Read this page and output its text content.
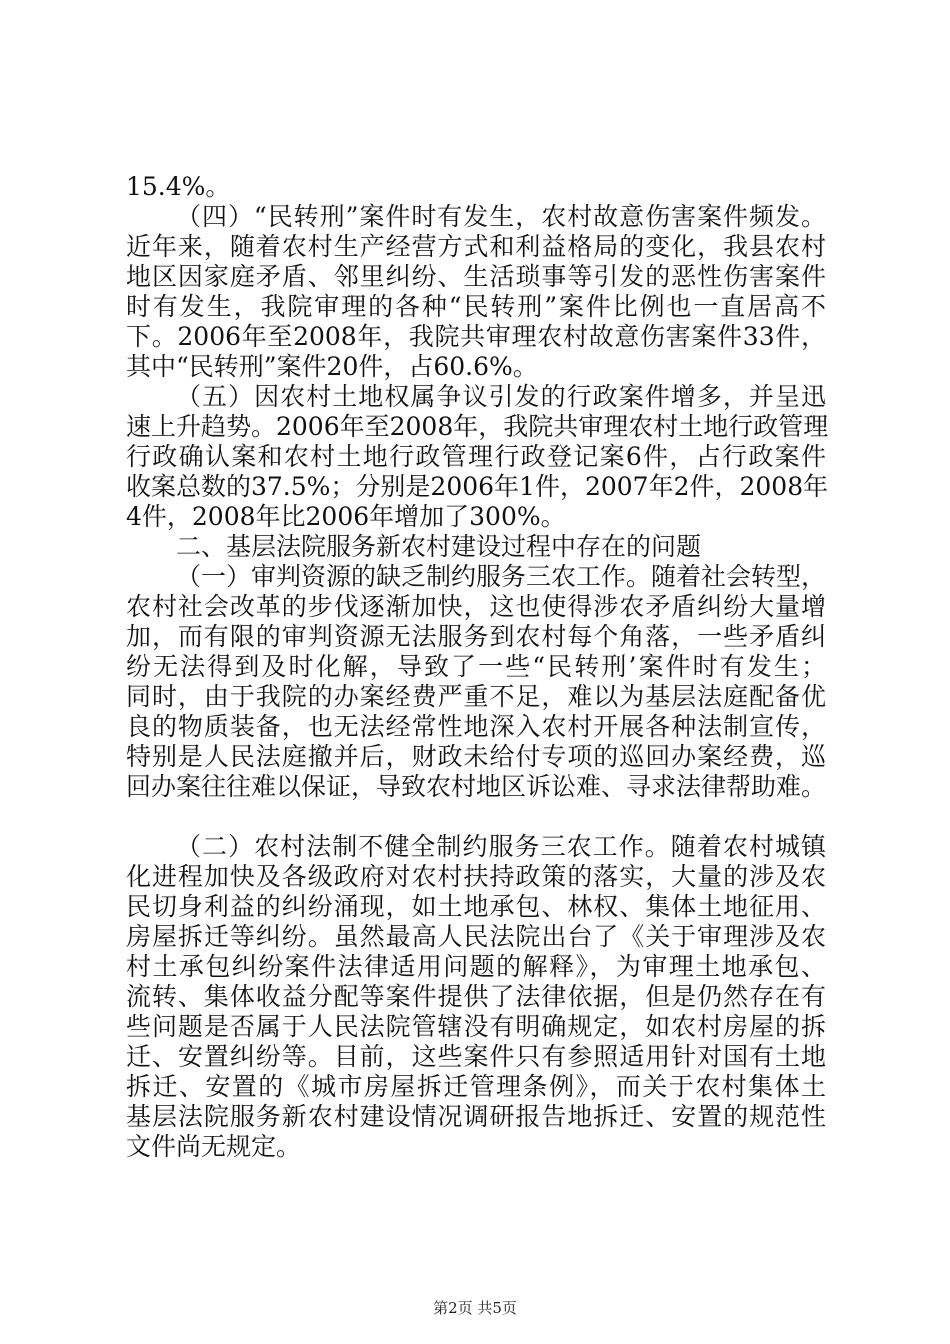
15.4%。
（四）“民转刑”案件时有发生，农村故意伤害案件频发。
近年来，随着农村生产经营方式和利益格局的变化，我县农村
地区因家庭矛盾、邻里纠纷、生活琐事等引发的恶性伤害案件
时有发生，我院审理的各种“民转刑”案件比例也一直居高不
下。2006年至2008年，我院共审理农村故意伤害案件33件，
其中“民转刑”案件20件，占60.6%。
（五）因农村土地权属争议引发的行政案件增多，并呈迅
速上升趋势。2006年至2008年，我院共审理农村土地行政管理
行政确认案和农村土地行政管理行政登记案6件，占行政案件
收案总数的37.5%；分别是2006年1件，2007年2件，2008年
4件，2008年比2006年增加了300%。
二、基层法院服务新农村建设过程中存在的问题
（一）审判资源的缺乏制约服务三农工作。随着社会转型，
农村社会改革的步伐逐渐加快，这也使得涉农矛盾纠纷大量增
加，而有限的审判资源无法服务到农村每个角落，一些矛盾纠
纷无法得到及时化解，导致了一些“民转刑’案件时有发生；
同时，由于我院的办案经费严重不足，难以为基层法庭配备优
良的物质装备，也无法经常性地深入农村开展各种法制宣传，
特别是人民法庭撤并后，财政未给付专项的巡回办案经费，巡
回办案往往难以保证，导致农村地区诉讼难、寻求法律帮助难。
（二）农村法制不健全制约服务三农工作。随着农村城镇
化进程加快及各级政府对农村扶持政策的落实，大量的涉及农
民切身利益的纠纷涌现，如土地承包、林权、集体土地征用、
房屋拆迁等纠纷。虽然最高人民法院出台了《关于审理涉及农
村土承包纠纷案件法律适用问题的解释》，为审理土地承包、
流转、集体收益分配等案件提供了法律依据，但是仍然存在有
些问题是否属于人民法院管辖没有明确规定，如农村房屋的拆
迁、安置纠纷等。目前，这些案件只有参照适用针对国有土地
拆迁、安置的《城市房屋拆迁管理条例》，而关于农村集体土
基层法院服务新农村建设情况调研报告地拆迁、安置的规范性
文件尚无规定。
第2页 共5页
